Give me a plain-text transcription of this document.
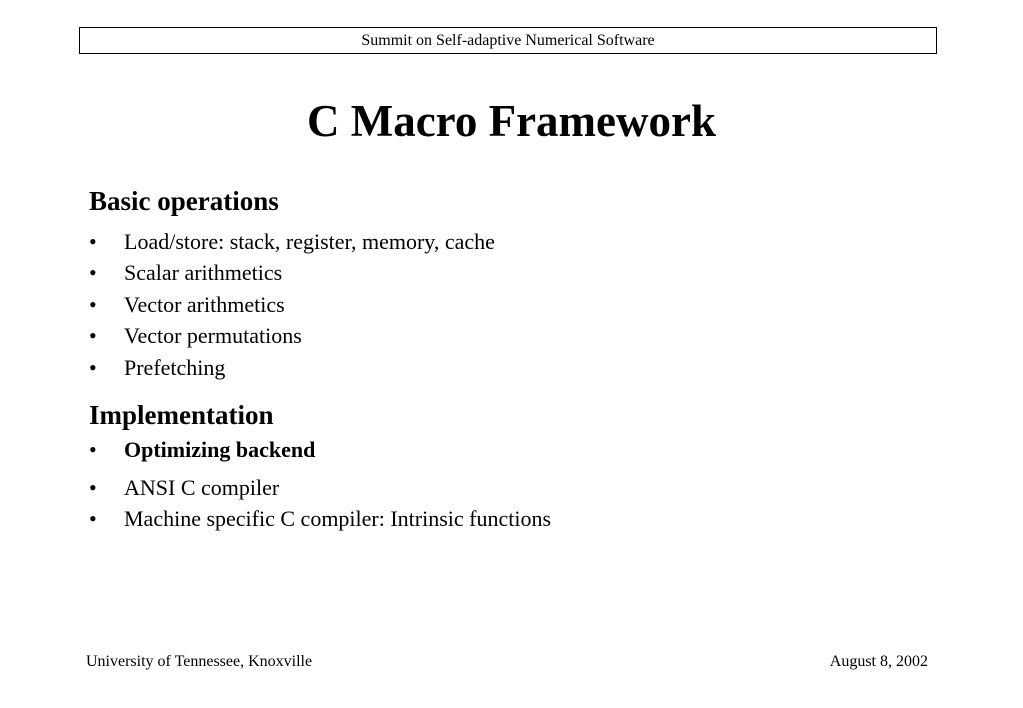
Summit on Self-adaptive Numerical Software
C Macro Framework
Basic operations
• Load/store: stack, register, memory, cache
• Scalar arithmetics
• Vector arithmetics
• Vector permutations
• Prefetching
Implementation
• Optimizing backend
• ANSI C compiler
• Machine specific C compiler: Intrinsic functions
University of Tennessee, Knoxville	August 8, 2002
